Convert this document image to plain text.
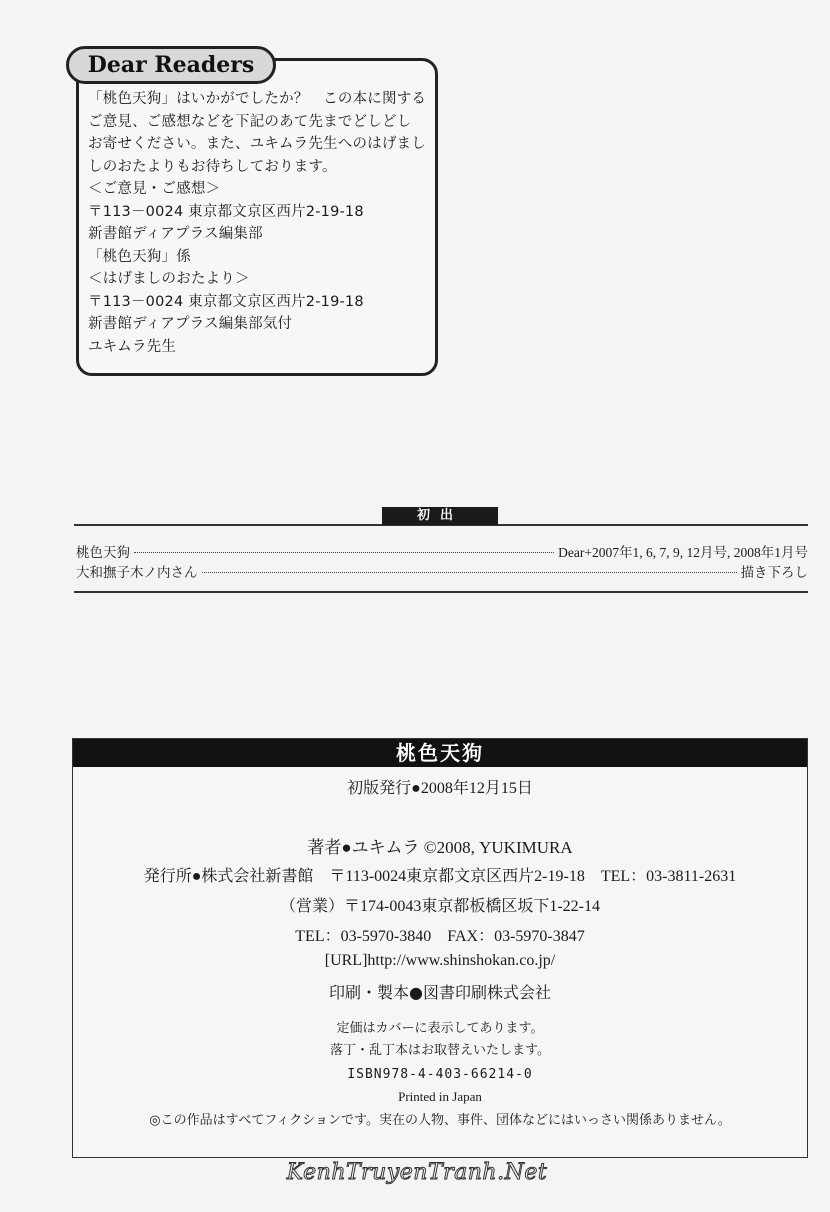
Dear Readers
「桃色天狗」はいかがでしたか？　この本に関する
ご意見、ご感想などを下記のあて先までどしどし
お寄せください。また、ユキムラ先生へのはげまし
しのおたよりもお待ちしております。
＜ご意見・ご感想＞
〒113－0024 東京都文京区西片2-19-18
新書館ディアプラス編集部
「桃色天狗」係
＜はげましのおたより＞
〒113－0024 東京都文京区西片2-19-18
新書館ディアプラス編集部気付
ユキムラ先生
初出
桃色天狗	Dear+2007年1, 6, 7, 9, 12月号, 2008年1月号
大和撫子木ノ内さん	描き下ろし
桃色天狗
初版発行●2008年12月15日
著者●ユキムラ ©2008, YUKIMURA
発行所●株式会社新書館　〒113-0024東京都文京区西片2-19-18　TEL：03-3811-2631
（営業）〒174-0043東京都板橋区坂下1-22-14
TEL：03-5970-3840　FAX：03-5970-3847
[URL]http://www.shinshokan.co.jp/
印刷・製本●図書印刷株式会社
定価はカバーに表示してあります。
落丁・乱丁本はお取替えいたします。
ISBN978-4-403-66214-0
Printed in Japan
◎この作品はすべてフィクションです。実在の人物、事件、団体などにはいっさい関係ありません。
KenhTruyenTranh.Net
